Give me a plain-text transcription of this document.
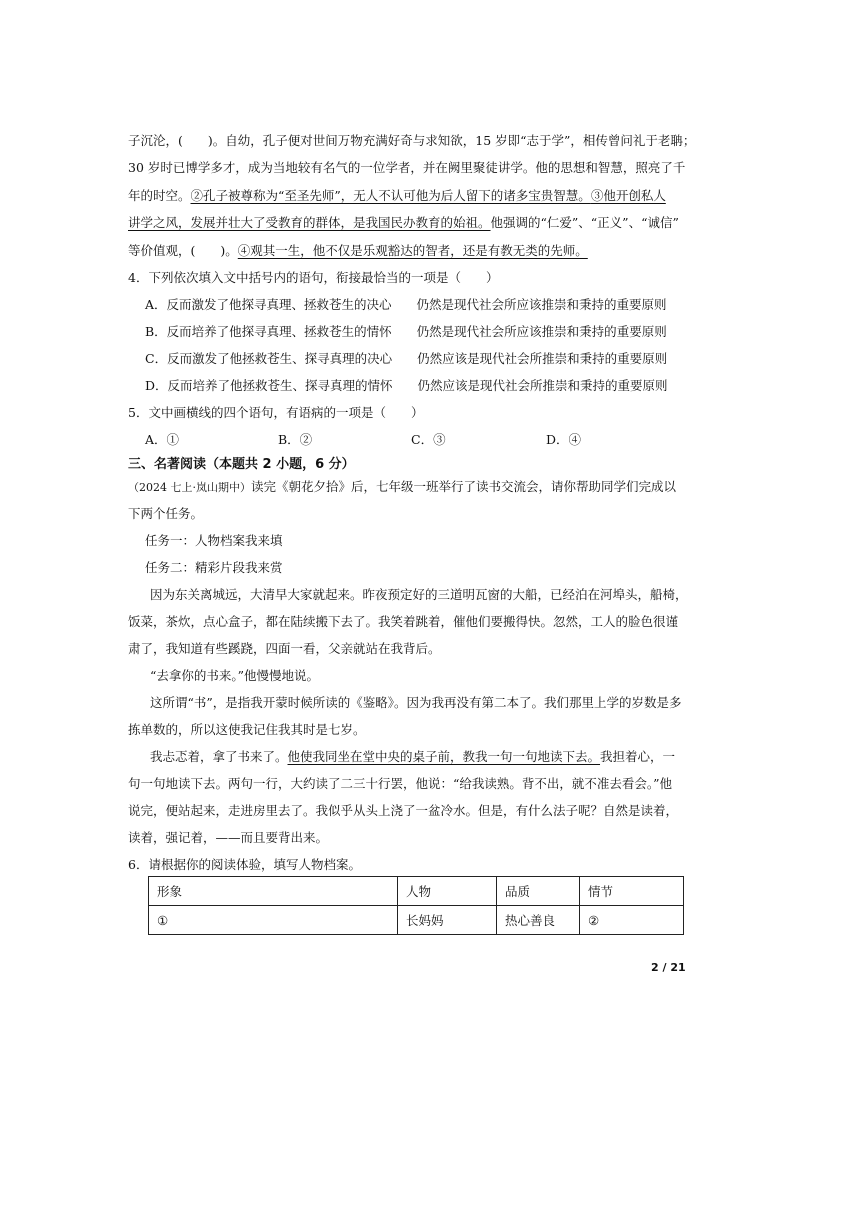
子沉沦，(　　)。自幼，孔子便对世间万物充满好奇与求知欲，15 岁即“志于学”，相传曾问礼于老聃；
30 岁时已博学多才，成为当地较有名气的一位学者，并在阙里聚徒讲学。他的思想和智慧，照亮了千
年的时空。②孔子被尊称为“至圣先师”，无人不认可他为后人留下的诸多宝贵智慧。③他开创私人
讲学之风，发展并壮大了受教育的群体，是我国民办教育的始祖。他强调的“仁爱”、“正义”、“诚信”
等价值观，(　　)。④观其一生，他不仅是乐观豁达的智者，还是有教无类的先师。
4．下列依次填入文中括号内的语句，衔接最恰当的一项是（　　）
A．反而激发了他探寻真理、拯救苍生的决心　　仍然是现代社会所应该推崇和秉持的重要原则
B．反而培养了他探寻真理、拯救苍生的情怀　　仍然是现代社会所应该推崇和秉持的重要原则
C．反而激发了他拯救苍生、探寻真理的决心　　仍然应该是现代社会所推崇和秉持的重要原则
D．反而培养了他拯救苍生、探寻真理的情怀　　仍然应该是现代社会所推崇和秉持的重要原则
5．文中画横线的四个语句，有语病的一项是（　　）
A．①	B．②	C．③	D．④
三、名著阅读（本题共 2 小题，6 分）
（2024 七上·岚山期中）读完《朝花夕拾》后，七年级一班举行了读书交流会，请你帮助同学们完成以
下两个任务。
任务一：人物档案我来填
任务二：精彩片段我来赏
因为东关离城远，大清早大家就起来。昨夜预定好的三道明瓦窗的大船，已经泊在河埠头，船椅，
饭菜，茶炊，点心盒子，都在陆续搬下去了。我笑着跳着，催他们要搬得快。忽然，工人的脸色很谨
肃了，我知道有些蹊跷，四面一看，父亲就站在我背后。
“去拿你的书来。”他慢慢地说。
这所谓“书”，是指我开蒙时候所读的《鉴略》。因为我再没有第二本了。我们那里上学的岁数是多
拣单数的，所以这使我记住我其时是七岁。
我忐忑着，拿了书来了。他使我同坐在堂中央的桌子前，教我一句一句地读下去。我担着心，一
句一句地读下去。两句一行，大约读了二三十行罢，他说：“给我读熟。背不出，就不准去看会。”他
说完，便站起来，走进房里去了。我似乎从头上浇了一盆冷水。但是，有什么法子呢？自然是读着，
读着，强记着，——而且要背出来。
6．请根据你的阅读体验，填写人物档案。
形象	人物	品质	情节
①	长妈妈	热心善良	②
2 / 21
